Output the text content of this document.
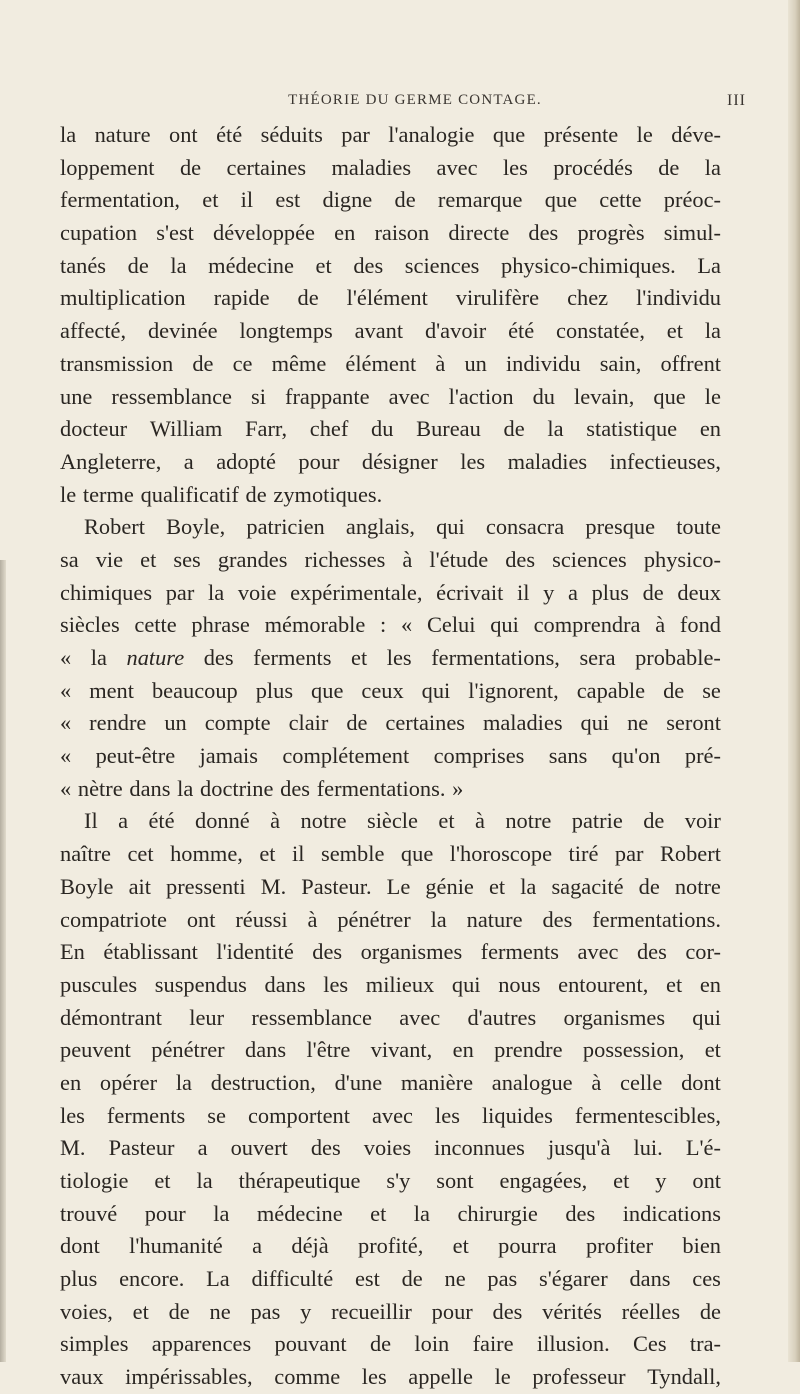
THÉORIE DU GERME CONTAGE.	III
la nature ont été séduits par l'analogie que présente le déve-
loppement de certaines maladies avec les procédés de la
fermentation, et il est digne de remarque que cette préoc-
cupation s'est développée en raison directe des progrès simul-
tanés de la médecine et des sciences physico-chimiques. La
multiplication rapide de l'élément virulifère chez l'individu
affecté, devinée longtemps avant d'avoir été constatée, et la
transmission de ce même élément à un individu sain, offrent
une ressemblance si frappante avec l'action du levain, que le
docteur William Farr, chef du Bureau de la statistique en
Angleterre, a adopté pour désigner les maladies infectieuses,
le terme qualificatif de zymotiques.
Robert Boyle, patricien anglais, qui consacra presque toute
sa vie et ses grandes richesses à l'étude des sciences physico-
chimiques par la voie expérimentale, écrivait il y a plus de deux
siècles cette phrase mémorable : « Celui qui comprendra à fond
« la nature des ferments et les fermentations, sera probable-
« ment beaucoup plus que ceux qui l'ignorent, capable de se
« rendre un compte clair de certaines maladies qui ne seront
« peut-être jamais complétement comprises sans qu'on pré-
« nètre dans la doctrine des fermentations. »
Il a été donné à notre siècle et à notre patrie de voir
naître cet homme, et il semble que l'horoscope tiré par Robert
Boyle ait pressenti M. Pasteur. Le génie et la sagacité de notre
compatriote ont réussi à pénétrer la nature des fermentations.
En établissant l'identité des organismes ferments avec des cor-
puscules suspendus dans les milieux qui nous entourent, et en
démontrant leur ressemblance avec d'autres organismes qui
peuvent pénétrer dans l'être vivant, en prendre possession, et
en opérer la destruction, d'une manière analogue à celle dont
les ferments se comportent avec les liquides fermentescibles,
M. Pasteur a ouvert des voies inconnues jusqu'à lui. L'é-
tiologie et la thérapeutique s'y sont engagées, et y ont
trouvé pour la médecine et la chirurgie des indications
dont l'humanité a déjà profité, et pourra profiter bien
plus encore. La difficulté est de ne pas s'égarer dans ces
voies, et de ne pas y recueillir pour des vérités réelles de
simples apparences pouvant de loin faire illusion. Ces tra-
vaux impérissables, comme les appelle le professeur Tyndall,
